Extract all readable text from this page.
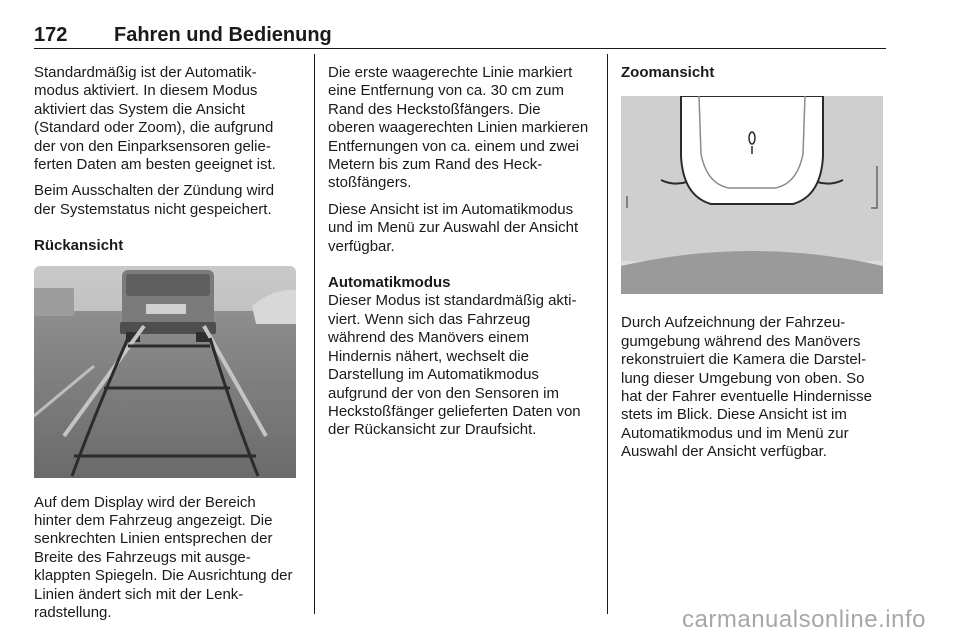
172 Fahren und Bedienung

Standardmäßig ist der Automatikmodus aktiviert. In diesem Modus aktiviert das System die Ansicht (Standard oder Zoom), die aufgrund der von den Einparksensoren gelieferten Daten am besten geeignet ist.

Beim Ausschalten der Zündung wird der Systemstatus nicht gespeichert.

Rückansicht

Auf dem Display wird der Bereich hinter dem Fahrzeug angezeigt. Die senkrechten Linien entsprechen der Breite des Fahrzeugs mit ausgeklappten Spiegeln. Die Ausrichtung der Linien ändert sich mit der Lenkradstellung.

Die erste waagerechte Linie markiert eine Entfernung von ca. 30 cm zum Rand des Heckstoßfängers. Die oberen waagerechten Linien markieren Entfernungen von ca. einem und zwei Metern bis zum Rand des Heckstoßfängers.

Diese Ansicht ist im Automatikmodus und im Menü zur Auswahl der Ansicht verfügbar.

Automatikmodus

Dieser Modus ist standardmäßig aktiviert. Wenn sich das Fahrzeug während des Manövers einem Hindernis nähert, wechselt die Darstellung im Automatikmodus aufgrund der von den Sensoren im Heckstoßfänger gelieferten Daten von der Rückansicht zur Draufsicht.

Zoomansicht

Durch Aufzeichnung der Fahrzeugumgebung während des Manövers rekonstruiert die Kamera die Darstellung dieser Umgebung von oben. So hat der Fahrer eventuelle Hindernisse stets im Blick. Diese Ansicht ist im Automatikmodus und im Menü zur Auswahl der Ansicht verfügbar.

carmanualsonline.info
